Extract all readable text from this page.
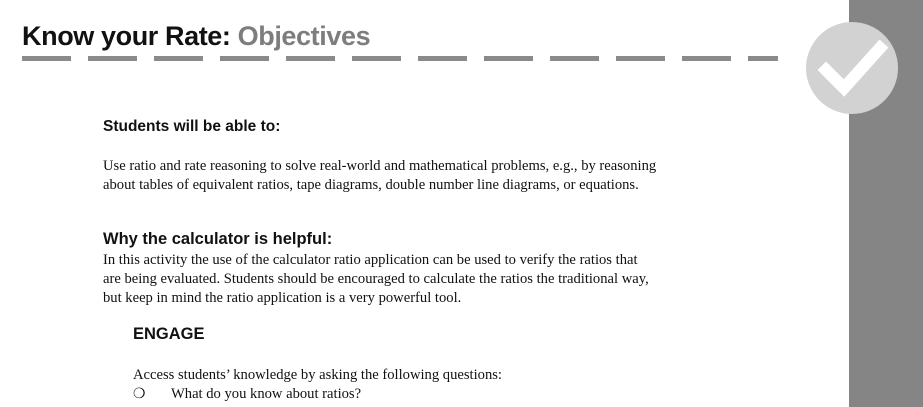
Know your Rate: Objectives
Students will be able to:

Use ratio and rate reasoning to solve real-world and mathematical problems, e.g., by reasoning
about tables of equivalent ratios, tape diagrams, double number line diagrams, or equations.

Why the calculator is helpful:

In this activity the use of the calculator ratio application can be used to verify the ratios that
are being evaluated. Students should be encouraged to calculate the ratios the traditional way,
but keep in mind the ratio application is a very powerful tool.

ENGAGE

Access students’ knowledge by asking the following questions:

❍ What do you know about ratios?
